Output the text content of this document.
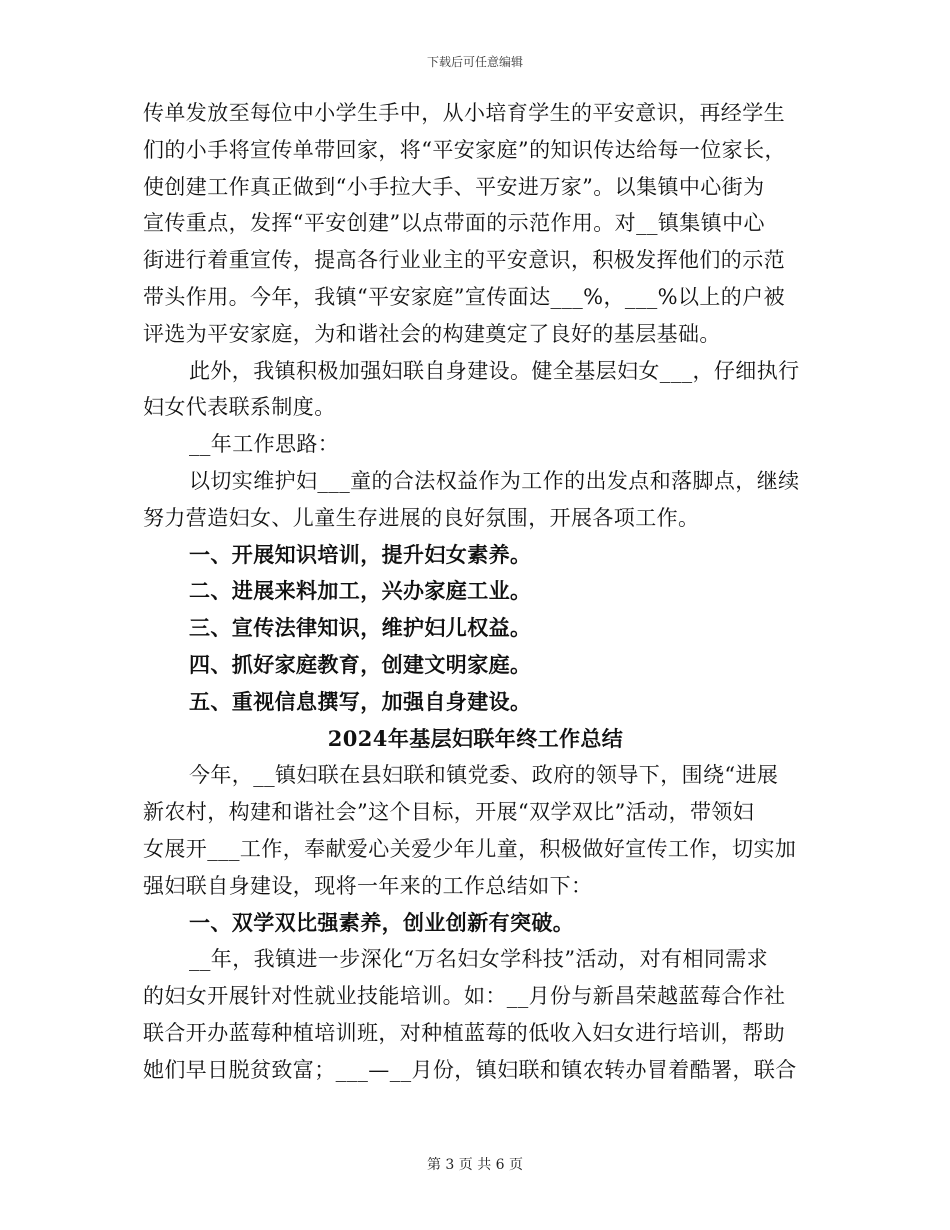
下载后可任意编辑
传单发放至每位中小学生手中，从小培育学生的平安意识，再经学生
们的小手将宣传单带回家，将“平安家庭”的知识传达给每一位家长，
使创建工作真正做到“小手拉大手、平安进万家”。以集镇中心街为
宣传重点，发挥“平安创建”以点带面的示范作用。对__镇集镇中心
街进行着重宣传，提高各行业业主的平安意识，积极发挥他们的示范
带头作用。今年，我镇“平安家庭”宣传面达___%，___%以上的户被
评选为平安家庭，为和谐社会的构建奠定了良好的基层基础。
此外，我镇积极加强妇联自身建设。健全基层妇女___，仔细执行
妇女代表联系制度。
__年工作思路：
以切实维护妇___童的合法权益作为工作的出发点和落脚点，继续
努力营造妇女、儿童生存进展的良好氛围，开展各项工作。
一、开展知识培训，提升妇女素养。
二、进展来料加工，兴办家庭工业。
三、宣传法律知识，维护妇儿权益。
四、抓好家庭教育，创建文明家庭。
五、重视信息撰写，加强自身建设。
2024年基层妇联年终工作总结
今年，__镇妇联在县妇联和镇党委、政府的领导下，围绕“进展
新农村，构建和谐社会”这个目标，开展“双学双比”活动，带领妇
女展开___工作，奉献爱心关爱少年儿童，积极做好宣传工作，切实加
强妇联自身建设，现将一年来的工作总结如下：
一、双学双比强素养，创业创新有突破。
__年，我镇进一步深化“万名妇女学科技”活动，对有相同需求
的妇女开展针对性就业技能培训。如：__月份与新昌荣越蓝莓合作社
联合开办蓝莓种植培训班，对种植蓝莓的低收入妇女进行培训，帮助
她们早日脱贫致富；___—__月份，镇妇联和镇农转办冒着酷署，联合
第 3 页 共 6 页
